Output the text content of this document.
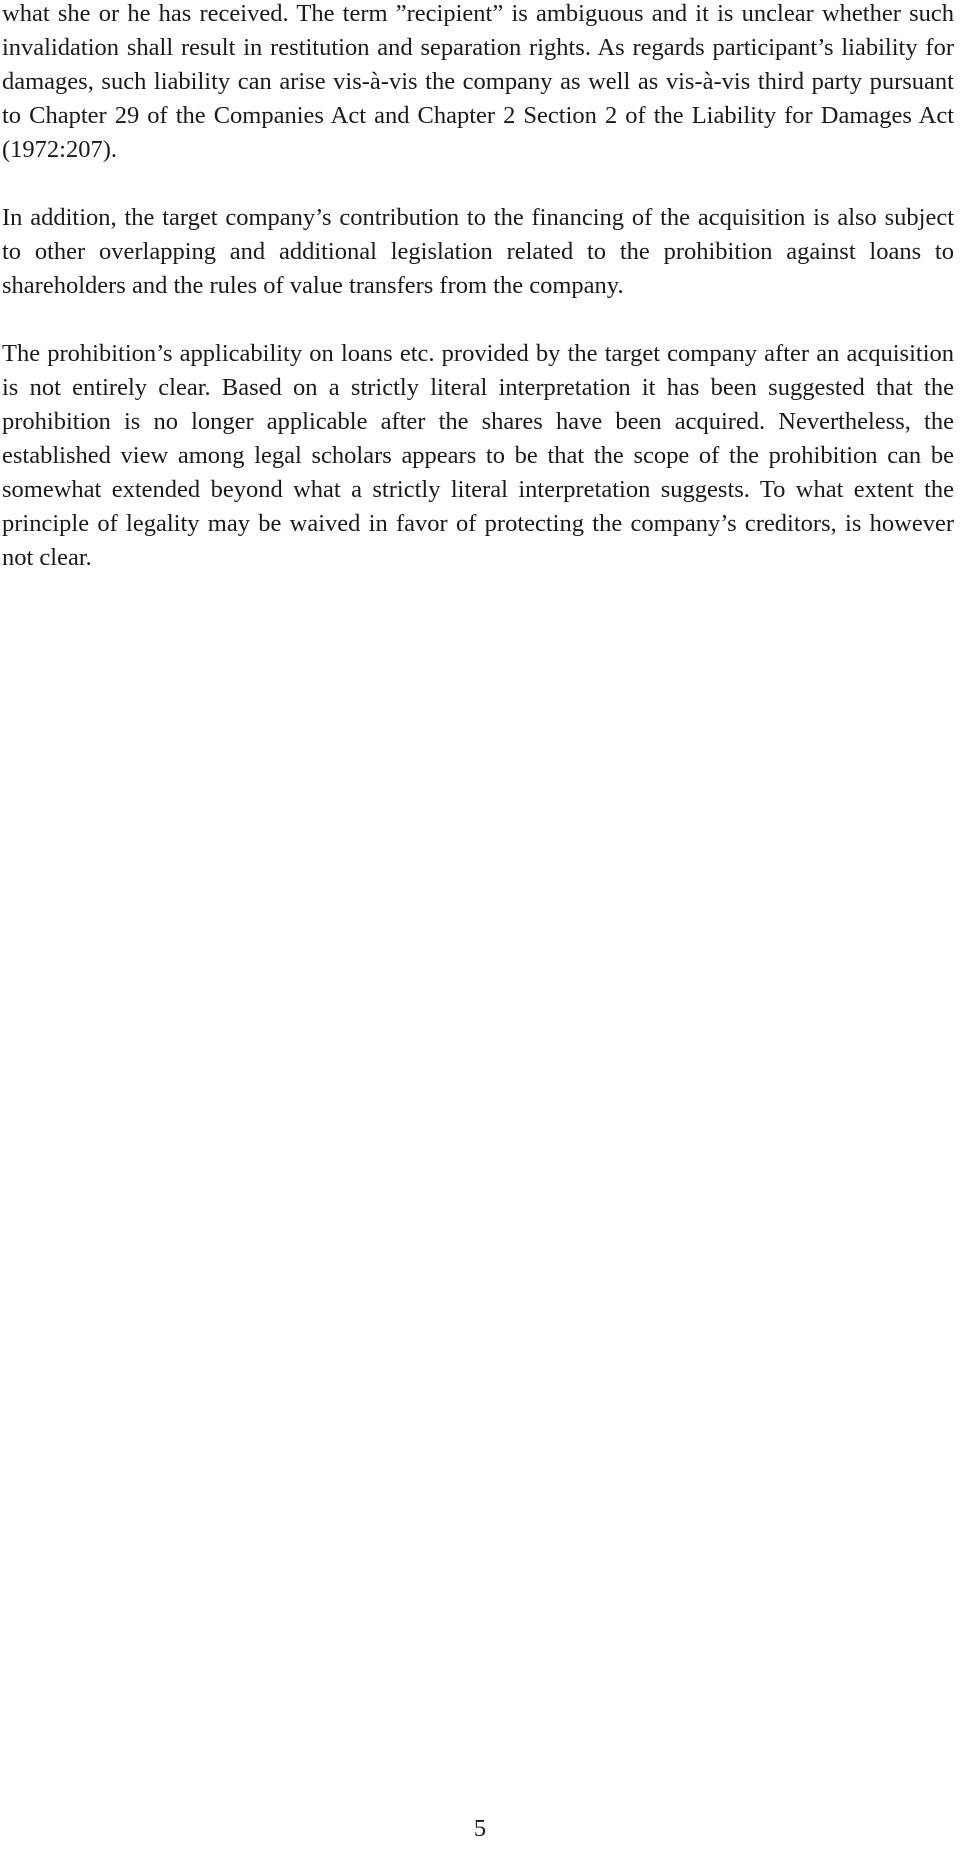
what she or he has received. The term ”recipient” is ambiguous and it is unclear whether such invalidation shall result in restitution and separation rights. As regards participant’s liability for damages, such liability can arise vis-à-vis the company as well as vis-à-vis third party pursuant to Chapter 29 of the Companies Act and Chapter 2 Section 2 of the Liability for Damages Act (1972:207).

In addition, the target company’s contribution to the financing of the acquisition is also subject to other overlapping and additional legislation related to the prohibition against loans to shareholders and the rules of value transfers from the company.

The prohibition’s applicability on loans etc. provided by the target company after an acquisition is not entirely clear. Based on a strictly literal interpretation it has been suggested that the prohibition is no longer applicable after the shares have been acquired. Nevertheless, the established view among legal scholars appears to be that the scope of the prohibition can be somewhat extended beyond what a strictly literal interpretation suggests. To what extent the principle of legality may be waived in favor of protecting the company’s creditors, is however not clear.

5
